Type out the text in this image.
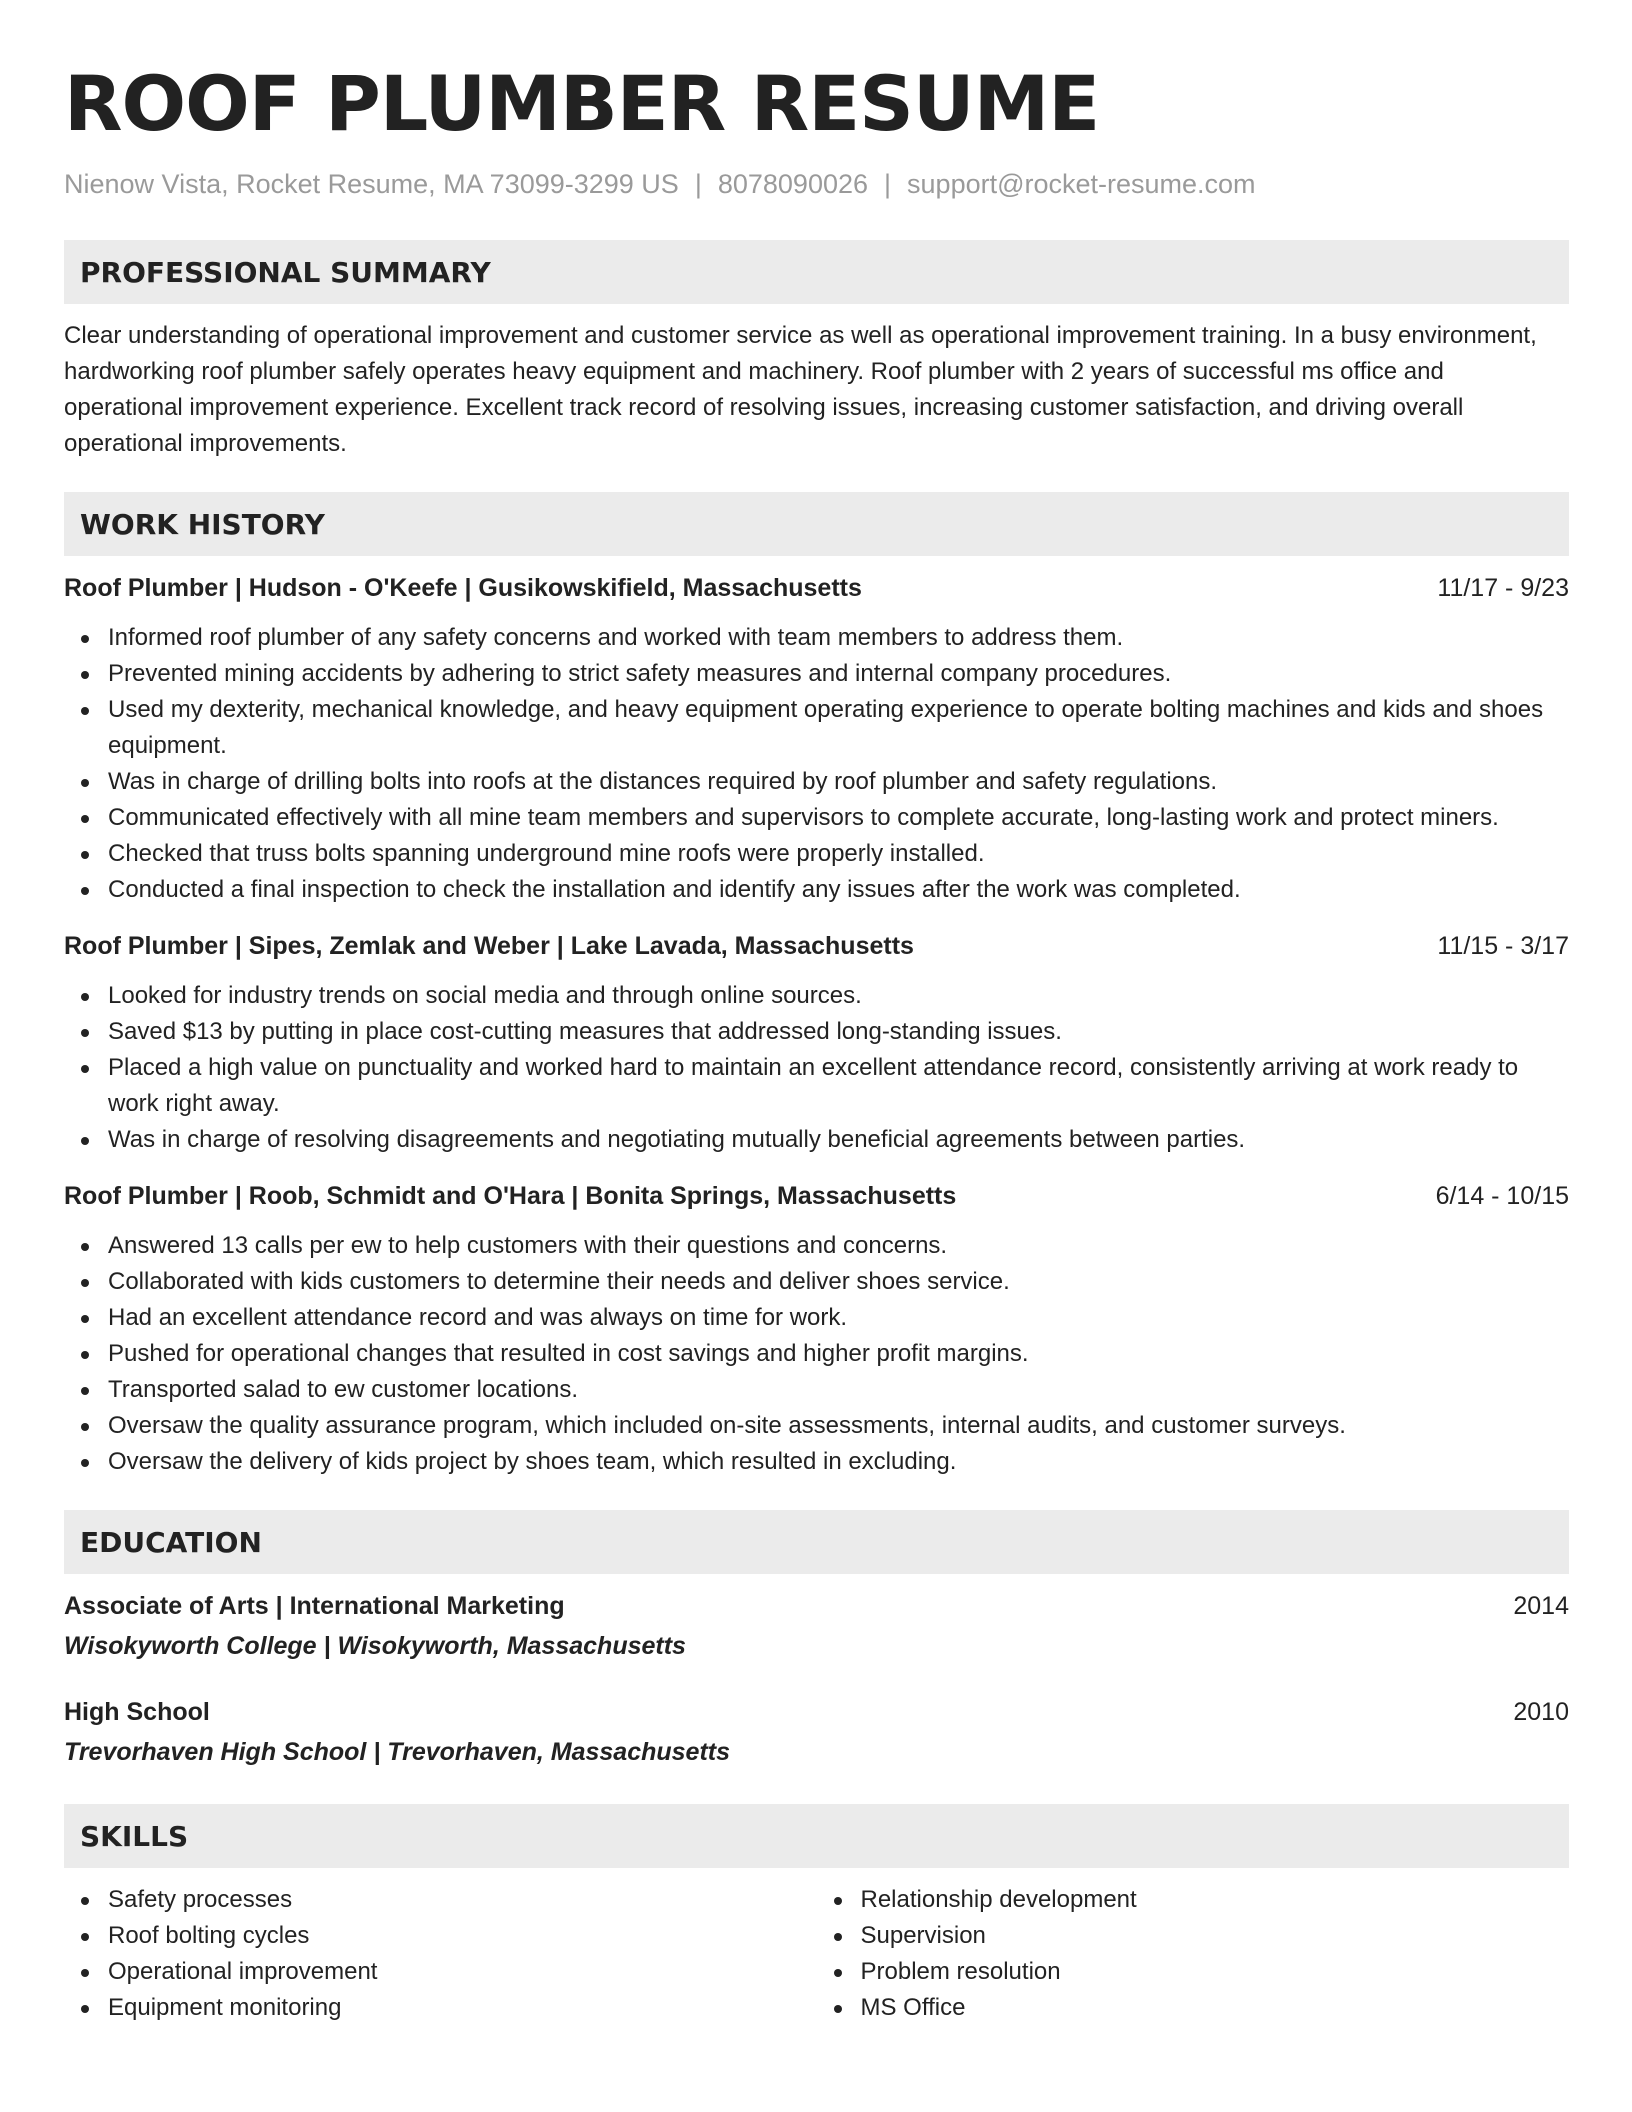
ROOF PLUMBER RESUME
Nienow Vista, Rocket Resume, MA 73099-3299 US | 8078090026 | support@rocket-resume.com
PROFESSIONAL SUMMARY

Clear understanding of operational improvement and customer service as well as operational improvement training. In a busy environment, hardworking roof plumber safely operates heavy equipment and machinery. Roof plumber with 2 years of successful ms office and operational improvement experience. Excellent track record of resolving issues, increasing customer satisfaction, and driving overall operational improvements.

WORK HISTORY
Roof Plumber | Hudson - O'Keefe | Gusikowskifield, Massachusetts	11/17 - 9/23
Informed roof plumber of any safety concerns and worked with team members to address them.
Prevented mining accidents by adhering to strict safety measures and internal company procedures.
Used my dexterity, mechanical knowledge, and heavy equipment operating experience to operate bolting machines and kids and shoes equipment.
Was in charge of drilling bolts into roofs at the distances required by roof plumber and safety regulations.
Communicated effectively with all mine team members and supervisors to complete accurate, long-lasting work and protect miners.
Checked that truss bolts spanning underground mine roofs were properly installed.
Conducted a final inspection to check the installation and identify any issues after the work was completed.
Roof Plumber | Sipes, Zemlak and Weber | Lake Lavada, Massachusetts	11/15 - 3/17
Looked for industry trends on social media and through online sources.
Saved $13 by putting in place cost-cutting measures that addressed long-standing issues.
Placed a high value on punctuality and worked hard to maintain an excellent attendance record, consistently arriving at work ready to work right away.
Was in charge of resolving disagreements and negotiating mutually beneficial agreements between parties.
Roof Plumber | Roob, Schmidt and O'Hara | Bonita Springs, Massachusetts	6/14 - 10/15
Answered 13 calls per ew to help customers with their questions and concerns.
Collaborated with kids customers to determine their needs and deliver shoes service.
Had an excellent attendance record and was always on time for work.
Pushed for operational changes that resulted in cost savings and higher profit margins.
Transported salad to ew customer locations.
Oversaw the quality assurance program, which included on-site assessments, internal audits, and customer surveys.
Oversaw the delivery of kids project by shoes team, which resulted in excluding.
EDUCATION
Associate of Arts | International Marketing	2014
Wisokyworth College | Wisokyworth, Massachusetts
High School	2010
Trevorhaven High School | Trevorhaven, Massachusetts
SKILLS
Safety processes
Roof bolting cycles
Operational improvement
Equipment monitoring
Relationship development
Supervision
Problem resolution
MS Office
